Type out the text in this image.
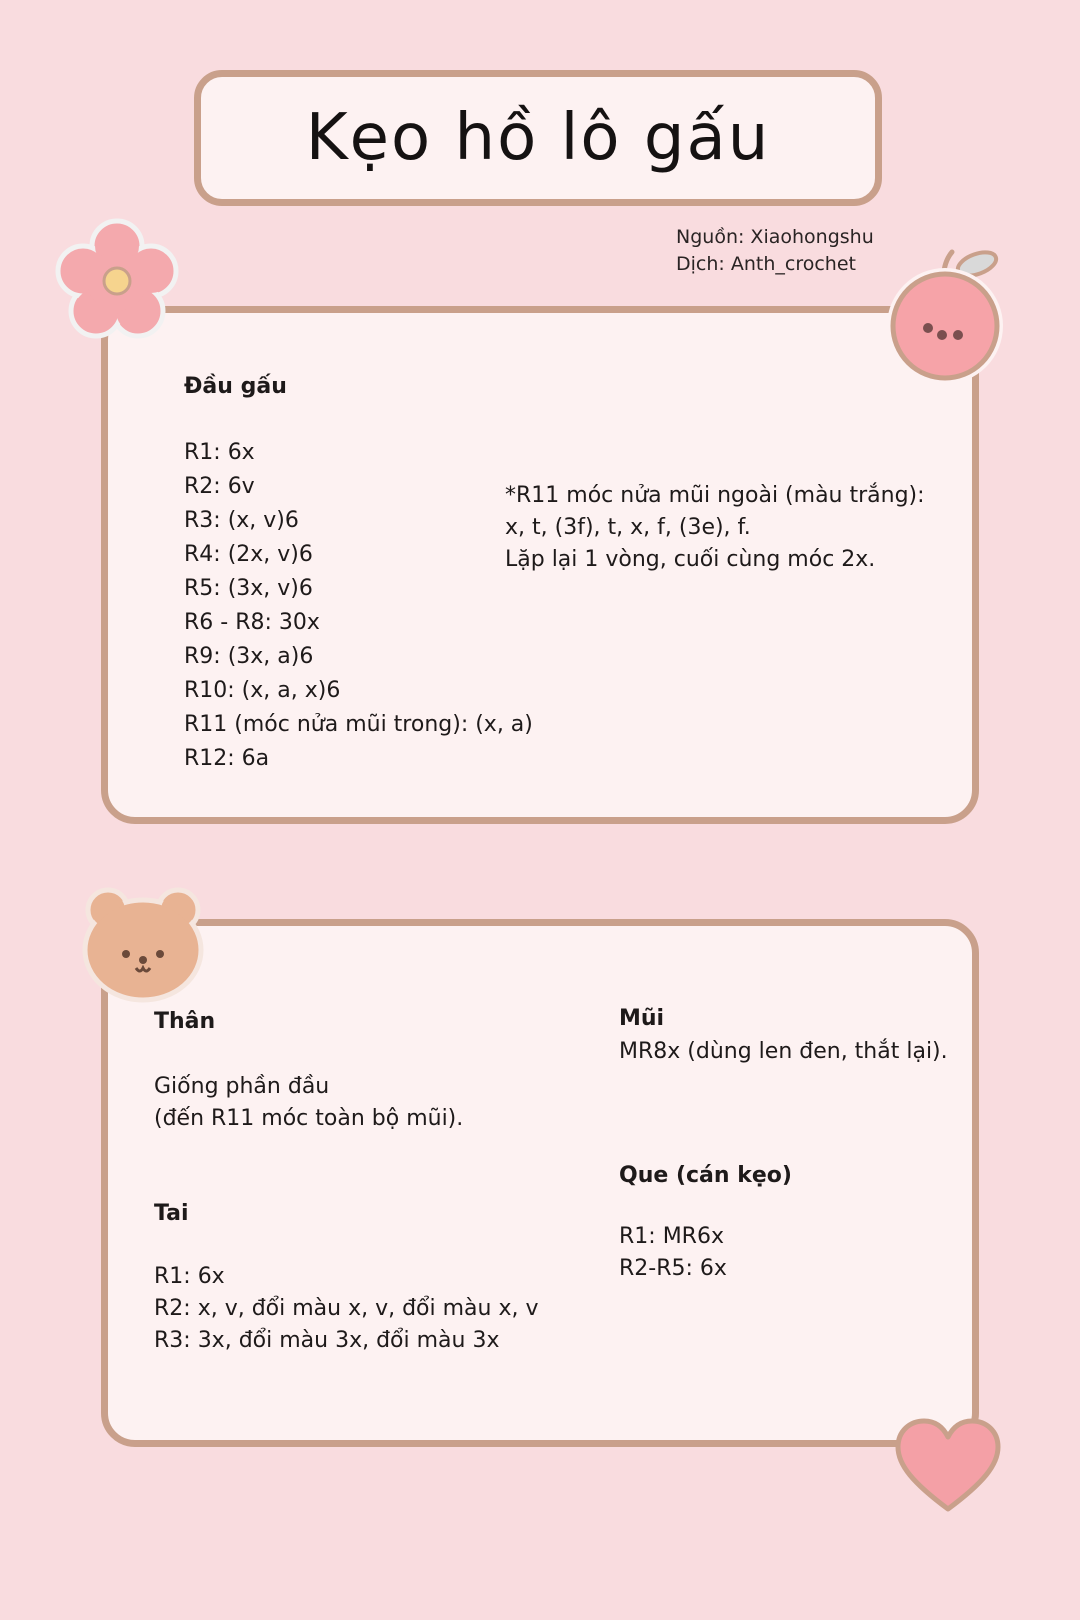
Kẹo hồ lô gấu
Nguồn: Xiaohongshu
Dịch: Anth_crochet
Đầu gấu
R1: 6x
R2: 6v
R3: (x, v)6
R4: (2x, v)6
R5: (3x, v)6
R6 - R8: 30x
R9: (3x, a)6
R10: (x, a, x)6
R11 (móc nửa mũi trong): (x, a)
R12: 6a
*R11 móc nửa mũi ngoài (màu trắng):
x, t, (3f), t, x, f, (3e), f.
Lặp lại 1 vòng, cuối cùng móc 2x.
Thân
Giống phần đầu
(đến R11 móc toàn bộ mũi).
Tai
R1: 6x
R2: x, v, đổi màu x, v, đổi màu x, v
R3: 3x, đổi màu 3x, đổi màu 3x
Mũi
MR8x (dùng len đen, thắt lại).
Que (cán kẹo)
R1: MR6x
R2-R5: 6x
